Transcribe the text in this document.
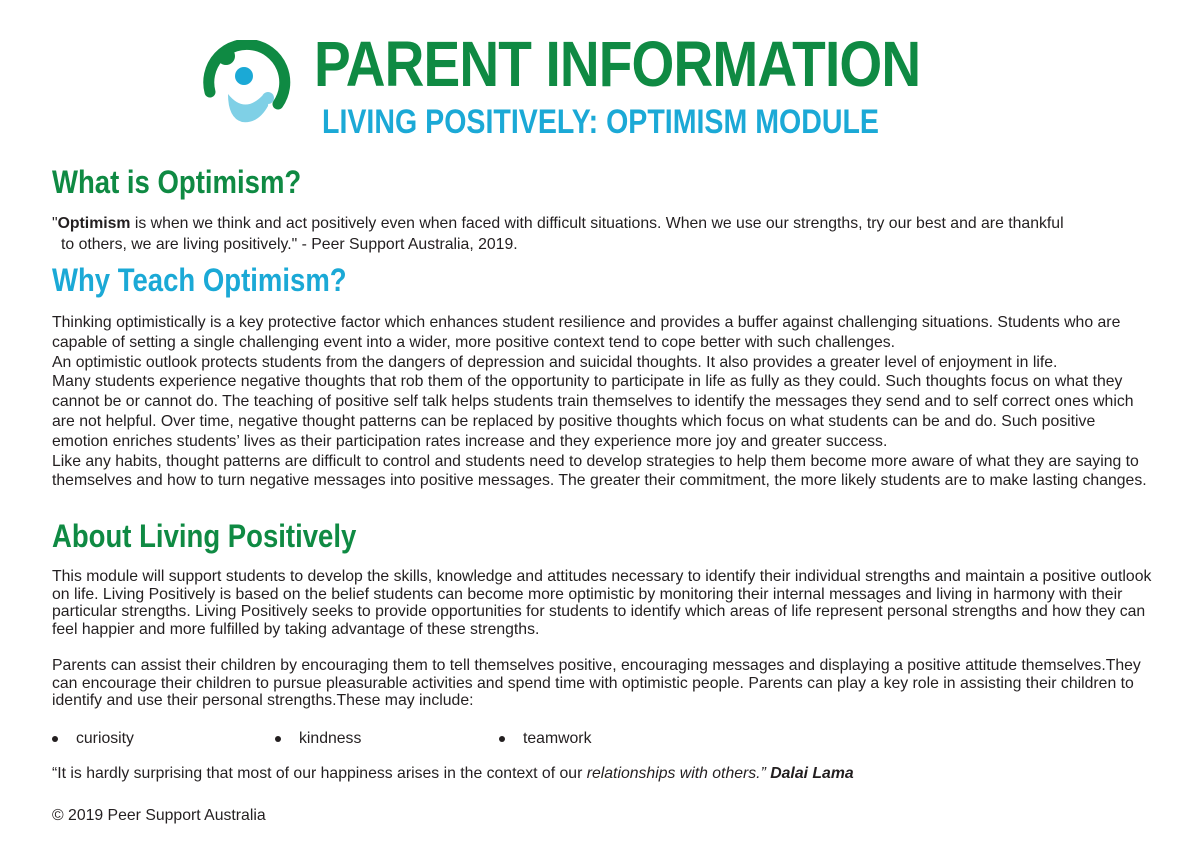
PARENT INFORMATION
LIVING POSITIVELY: OPTIMISM MODULE
What is Optimism?

"Optimism is when we think and act positively even when faced with difficult situations. When we use our strengths, try our best and are thankful
to others, we are living positively." - Peer Support Australia, 2019.

Why Teach Optimism?
Thinking optimistically is a key protective factor which enhances student resilience and provides a buffer against challenging situations. Students who are capable of setting a single challenging event into a wider, more positive context tend to cope better with such challenges.
An optimistic outlook protects students from the dangers of depression and suicidal thoughts. It also provides a greater level of enjoyment in life.
Many students experience negative thoughts that rob them of the opportunity to participate in life as fully as they could. Such thoughts focus on what they cannot be or cannot do. The teaching of positive self talk helps students train themselves to identify the messages they send and to self correct ones which are not helpful. Over time, negative thought patterns can be replaced by positive thoughts which focus on what students can be and do. Such positive emotion enriches students’ lives as their participation rates increase and they experience more joy and greater success.
Like any habits, thought patterns are difficult to control and students need to develop strategies to help them become more aware of what they are saying to themselves and how to turn negative messages into positive messages. The greater their commitment, the more likely students are to make lasting changes.
About Living Positively

This module will support students to develop the skills, knowledge and attitudes necessary to identify their individual strengths and maintain a positive outlook on life. Living Positively is based on the belief students can become more optimistic by monitoring their internal messages and living in harmony with their particular strengths. Living Positively seeks to provide opportunities for students to identify which areas of life represent personal strengths and how they can feel happier and more fulfilled by taking advantage of these strengths.

Parents can assist their children by encouraging them to tell themselves positive, encouraging messages and displaying a positive attitude themselves.They can encourage their children to pursue pleasurable activities and spend time with optimistic people. Parents can play a key role in assisting their children to identify and use their personal strengths.These may include:

curiosity	kindness	teamwork
“It is hardly surprising that most of our happiness arises in the context of our relationships with others.” Dalai Lama
© 2019 Peer Support Australia
